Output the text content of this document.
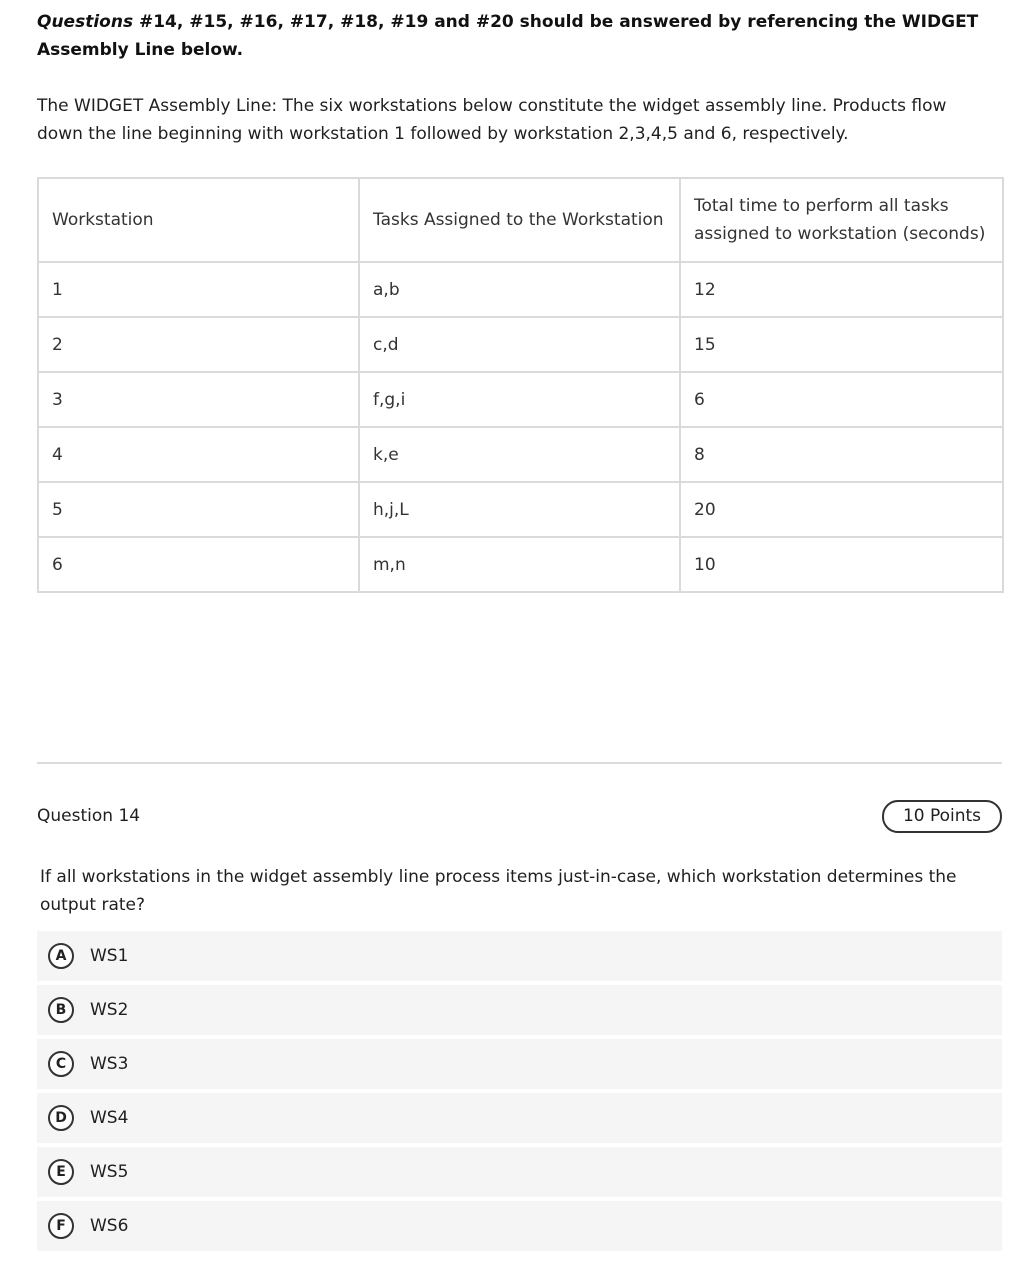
Questions #14, #15, #16, #17, #18, #19 and #20 should be answered by referencing the WIDGET Assembly Line below.
The WIDGET Assembly Line: The six workstations below constitute the widget assembly line. Products flow down the line beginning with workstation 1 followed by workstation 2,3,4,5 and 6, respectively.
Workstation	Tasks Assigned to the Workstation	Total time to perform all tasks assigned to workstation (seconds)
1	a,b	12
2	c,d	15
3	f,g,i	6
4	k,e	8
5	h,j,L	20
6	m,n	10
Question 14	10 Points
If all workstations in the widget assembly line process items just-in-case, which workstation determines the output rate?
A	WS1
B	WS2
C	WS3
D	WS4
E	WS5
F	WS6
